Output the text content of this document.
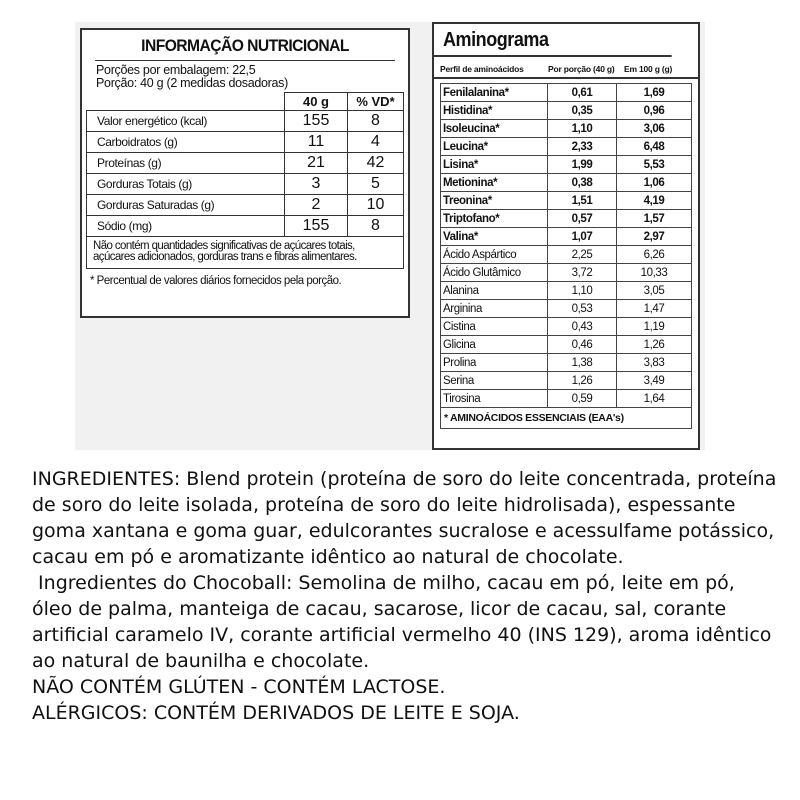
INFORMAÇÃO NUTRICIONAL
Porções por embalagem: 22,5
Porção: 40 g (2 medidas dosadoras)
	40 g	% VD*
Valor energético (kcal)	155	8
Carboidratos (g)	11	4
Proteínas (g)	21	42
Gorduras Totais (g)	3	5
Gorduras Saturadas (g)	2	10
Sódio (mg)	155	8
Não contém quantidades significativas de açúcares totais,
açúcares adicionados, gorduras trans e fibras alimentares.
* Percentual de valores diários fornecidos pela porção.
Aminograma
Perfil de aminoácidos	Por porção (40 g)	Em 100 g (g)
Fenilalanina*	0,61	1,69
Histidina*	0,35	0,96
Isoleucina*	1,10	3,06
Leucina*	2,33	6,48
Lisina*	1,99	5,53
Metionina*	0,38	1,06
Treonina*	1,51	4,19
Triptofano*	0,57	1,57
Valina*	1,07	2,97
Ácido Aspártico	2,25	6,26
Ácido Glutâmico	3,72	10,33
Alanina	1,10	3,05
Arginina	0,53	1,47
Cistina	0,43	1,19
Glicina	0,46	1,26
Prolina	1,38	3,83
Serina	1,26	3,49
Tirosina	0,59	1,64
* AMINOÁCIDOS ESSENCIAIS (EAA's)

INGREDIENTES: Blend protein (proteína de soro do leite concentrada, proteína de soro do leite isolada, proteína de soro do leite hidrolisada), espessante goma xantana e goma guar, edulcorantes sucralose e acessulfame potássico, cacau em pó e aromatizante idêntico ao natural de chocolate.

Ingredientes do Chocoball: Semolina de milho, cacau em pó, leite em pó, óleo de palma, manteiga de cacau, sacarose, licor de cacau, sal, corante artificial caramelo IV, corante artificial vermelho 40 (INS 129), aroma idêntico ao natural de baunilha e chocolate.

NÃO CONTÉM GLÚTEN - CONTÉM LACTOSE.

ALÉRGICOS: CONTÉM DERIVADOS DE LEITE E SOJA.
